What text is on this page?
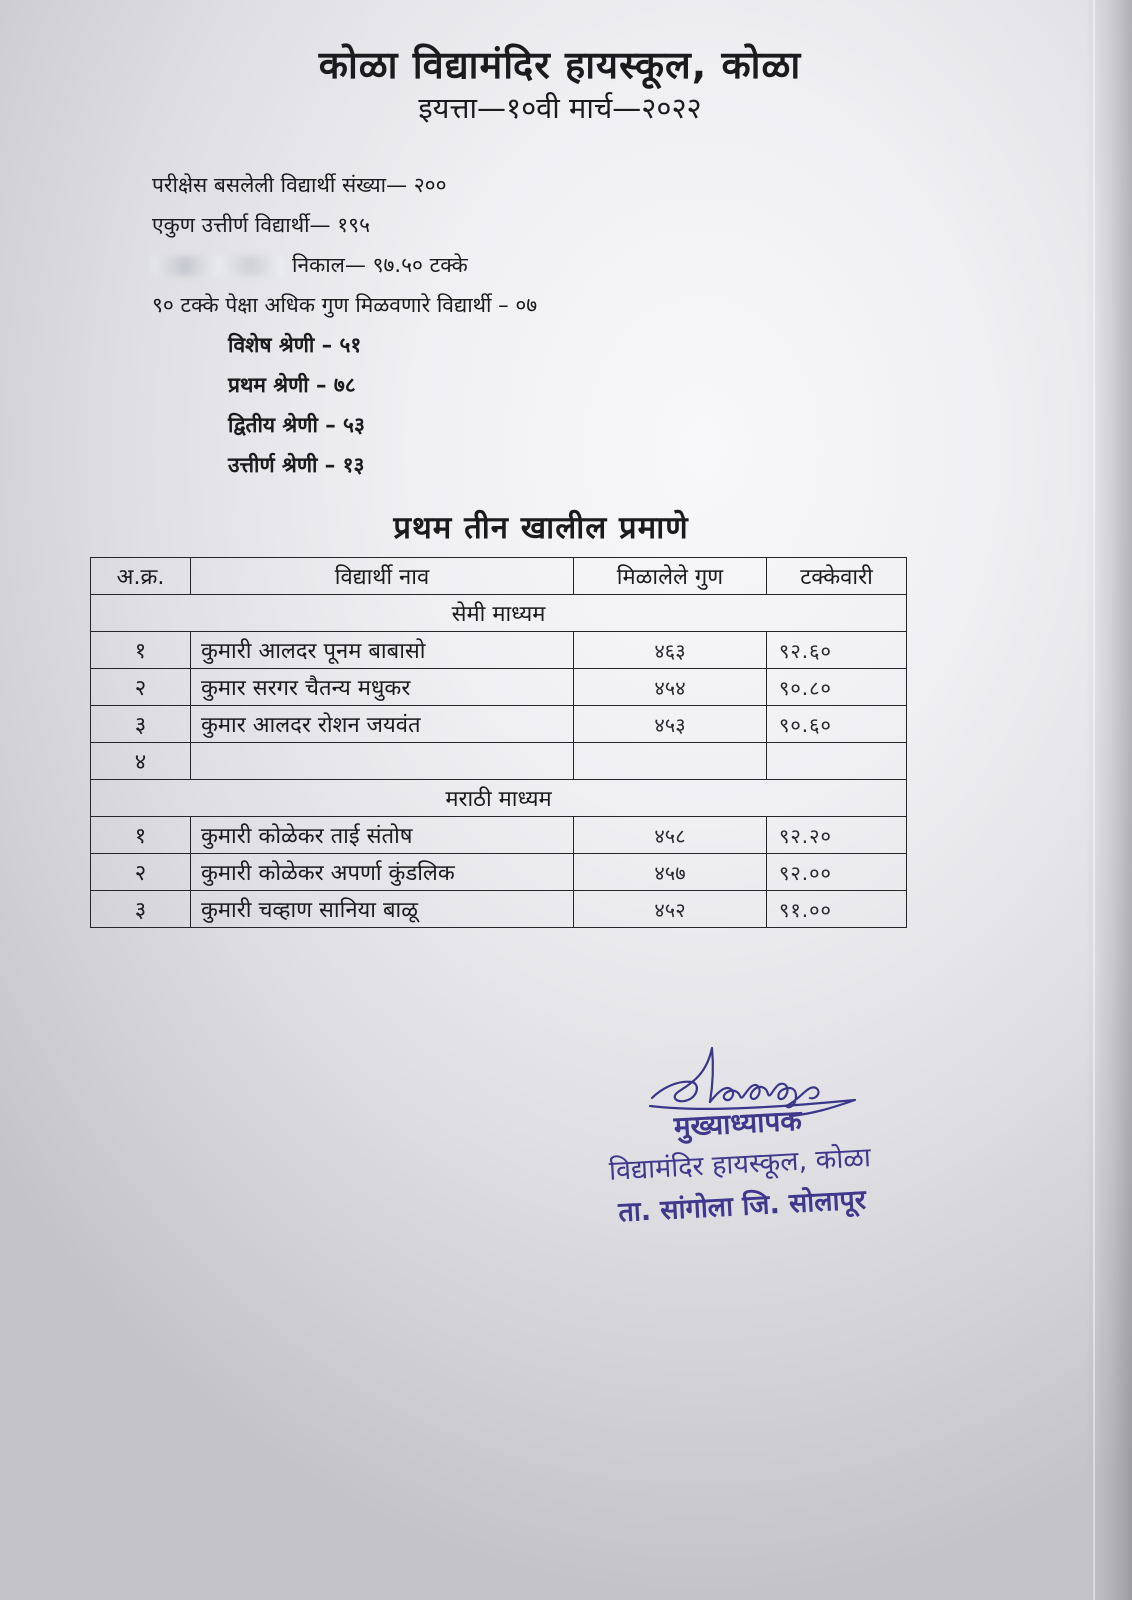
कोळा विद्यामंदिर हायस्कूल, कोळा
इयत्ता—१०वी मार्च—२०२२
परीक्षेस बसलेली विद्यार्थी संख्या— २००
एकुण उत्तीर्ण विद्यार्थी— १९५
निकाल— ९७.५० टक्के
९० टक्के पेक्षा अधिक गुण मिळवणारे विद्यार्थी – ०७
विशेष श्रेणी – ५१
प्रथम श्रेणी – ७८
द्वितीय श्रेणी – ५३
उत्तीर्ण श्रेणी – १३
प्रथम तीन खालील प्रमाणे
अ.क्र.	विद्यार्थी नाव	मिळालेले गुण	टक्केवारी
सेमी माध्यम			
१	कुमारी आलदर पूनम बाबासो	४६३	९२.६०
२	कुमार सरगर चैतन्य मधुकर	४५४	९०.८०
३	कुमार आलदर रोशन जयवंत	४५३	९०.६०
४			
मराठी माध्यम			
१	कुमारी कोळेकर ताई संतोष	४५८	९२.२०
२	कुमारी कोळेकर अपर्णा कुंडलिक	४५७	९२.००
३	कुमारी चव्हाण सानिया बाळू	४५२	९१.००
मुख्याध्यापक
विद्यामंदिर हायस्कूल, कोळा
ता. सांगोला जि. सोलापूर
